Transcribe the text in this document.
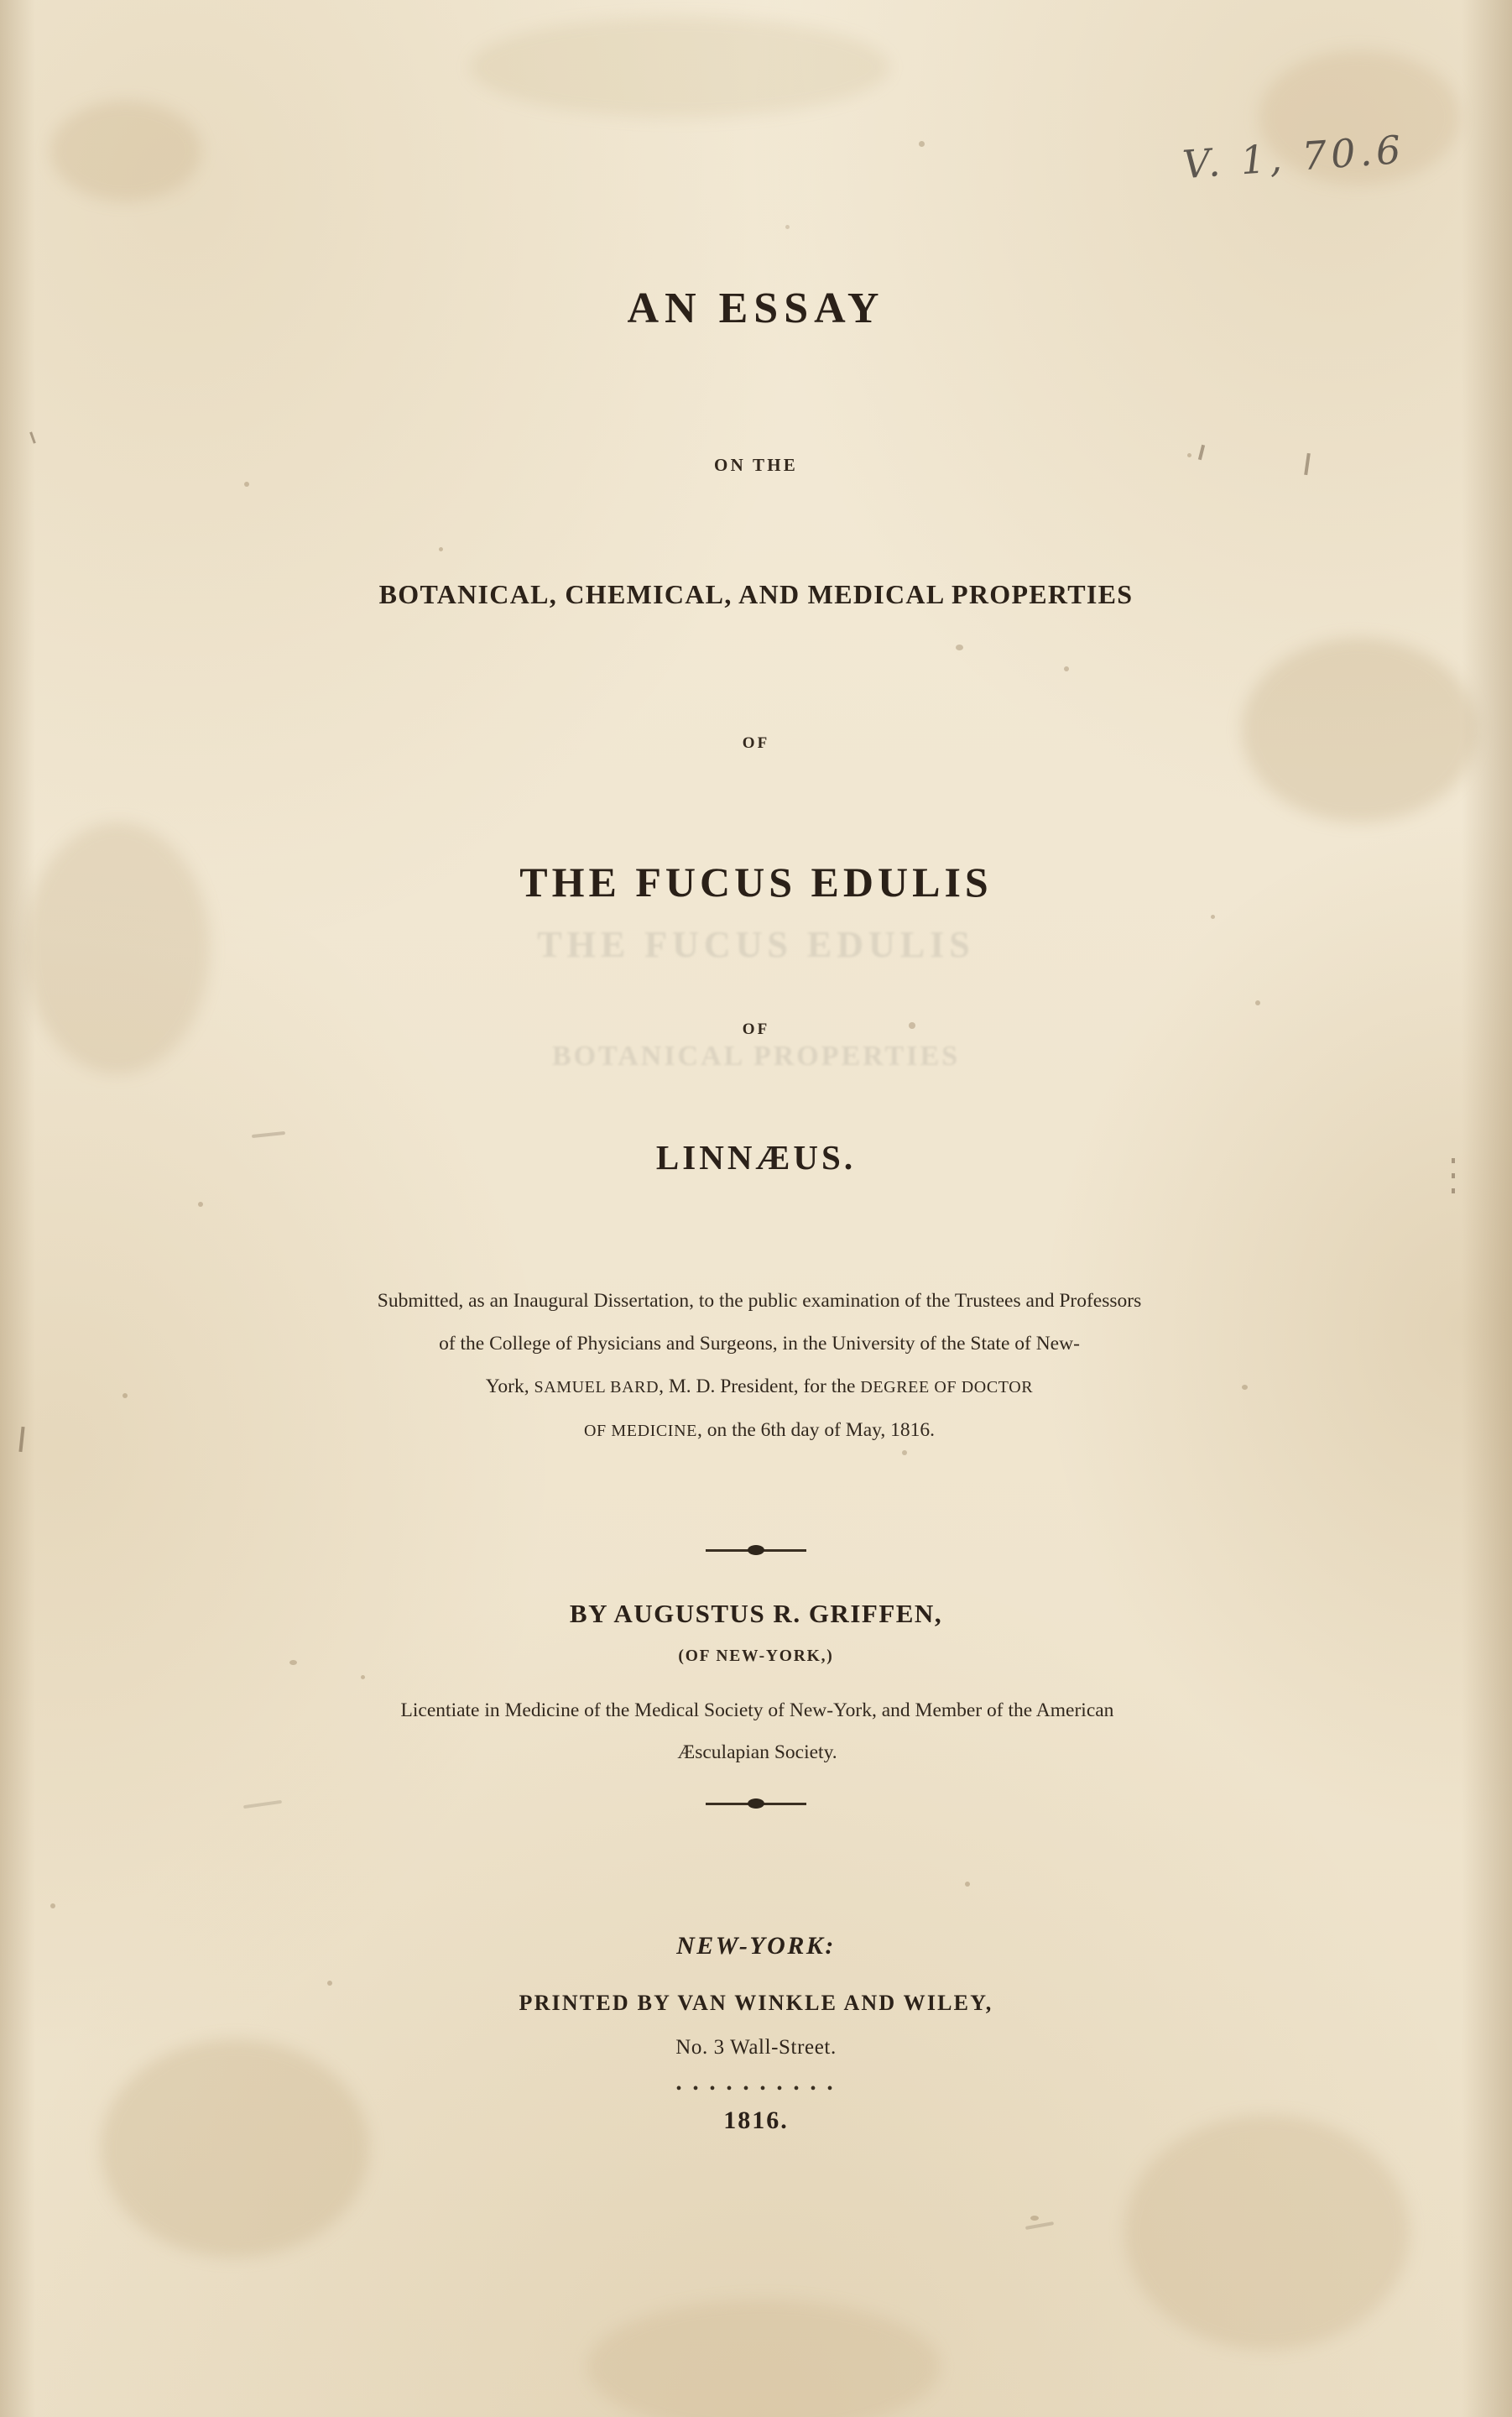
THE FUCUS EDULIS
BOTANICAL PROPERTIES
AN ESSAY
ON THE
BOTANICAL, CHEMICAL, AND MEDICAL PROPERTIES
OF
THE FUCUS EDULIS
OF
LINNÆUS.
Submitted, as an Inaugural Dissertation, to the public examination of the Trustees and Professors
of the College of Physicians and Surgeons, in the University of the State of New-
York, SAMUEL BARD, M. D. President, for the DEGREE OF DOCTOR
OF MEDICINE, on the 6th day of May, 1816.
BY AUGUSTUS R. GRIFFEN,
(OF NEW-YORK,)
Licentiate in Medicine of the Medical Society of New-York, and Member of the American
Æsculapian Society.
NEW-YORK:
PRINTED BY VAN WINKLE AND WILEY,
No. 3 Wall-Street.
• • • • • • • • • •
1816.
V. 1, 70.6
